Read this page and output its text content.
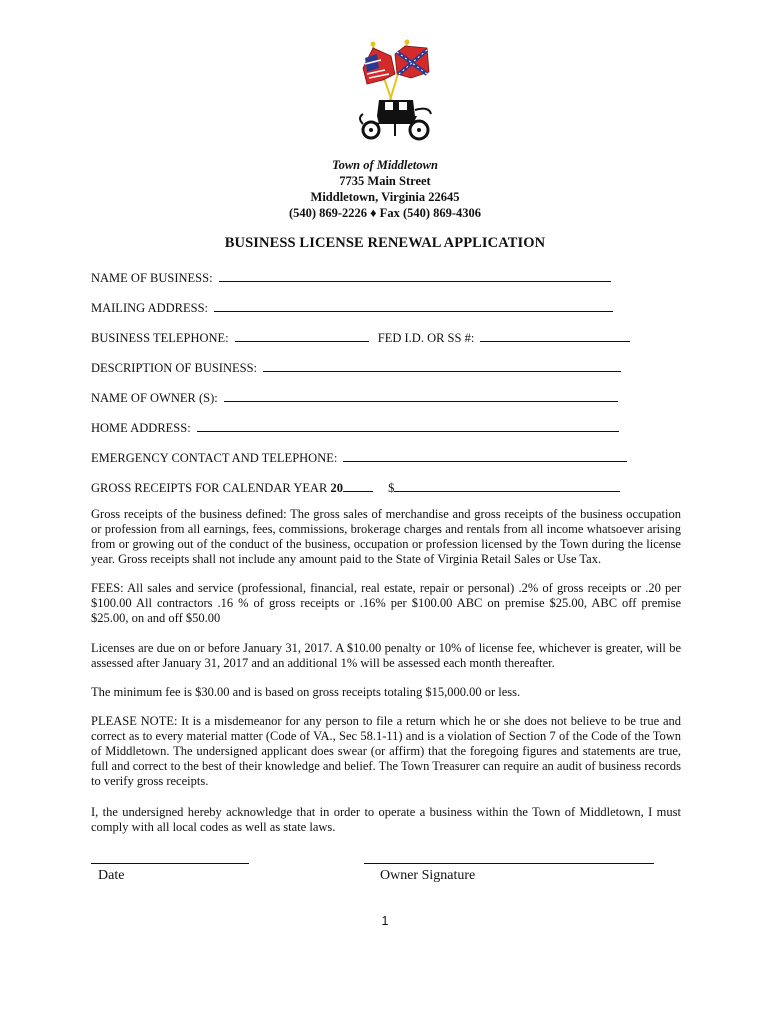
Town of Middletown
7735 Main Street
Middletown, Virginia 22645
(540) 869-2226 ♦ Fax (540) 869-4306
BUSINESS LICENSE RENEWAL APPLICATION
NAME OF BUSINESS:
MAILING ADDRESS:
BUSINESS TELEPHONE:	FED I.D. OR SS #:
DESCRIPTION OF BUSINESS:
NAME OF OWNER (S):
HOME ADDRESS:
EMERGENCY CONTACT AND TELEPHONE:
GROSS RECEIPTS FOR CALENDAR YEAR 20	$
Gross receipts of the business defined: The gross sales of merchandise and gross receipts of the business occupation or profession from all earnings, fees, commissions, brokerage charges and rentals from all income whatsoever arising from or growing out of the conduct of the business, occupation or profession licensed by the Town during the license year. Gross receipts shall not include any amount paid to the State of Virginia Retail Sales or Use Tax.
FEES: All sales and service (professional, financial, real estate, repair or personal) .2% of gross receipts or .20 per $100.00 All contractors .16 % of gross receipts or .16% per $100.00 ABC on premise $25.00, ABC off premise $25.00, on and off $50.00
Licenses are due on or before January 31, 2017. A $10.00 penalty or 10% of license fee, whichever is greater, will be assessed after January 31, 2017 and an additional 1% will be assessed each month thereafter.
The minimum fee is $30.00 and is based on gross receipts totaling $15,000.00 or less.
PLEASE NOTE: It is a misdemeanor for any person to file a return which he or she does not believe to be true and correct as to every material matter (Code of VA., Sec 58.1-11) and is a violation of Section 7 of the Code of the Town of Middletown. The undersigned applicant does swear (or affirm) that the foregoing figures and statements are true, full and correct to the best of their knowledge and belief. The Town Treasurer can require an audit of business records to verify gross receipts.
I, the undersigned hereby acknowledge that in order to operate a business within the Town of Middletown, I must comply with all local codes as well as state laws.
Date	Owner Signature
1
